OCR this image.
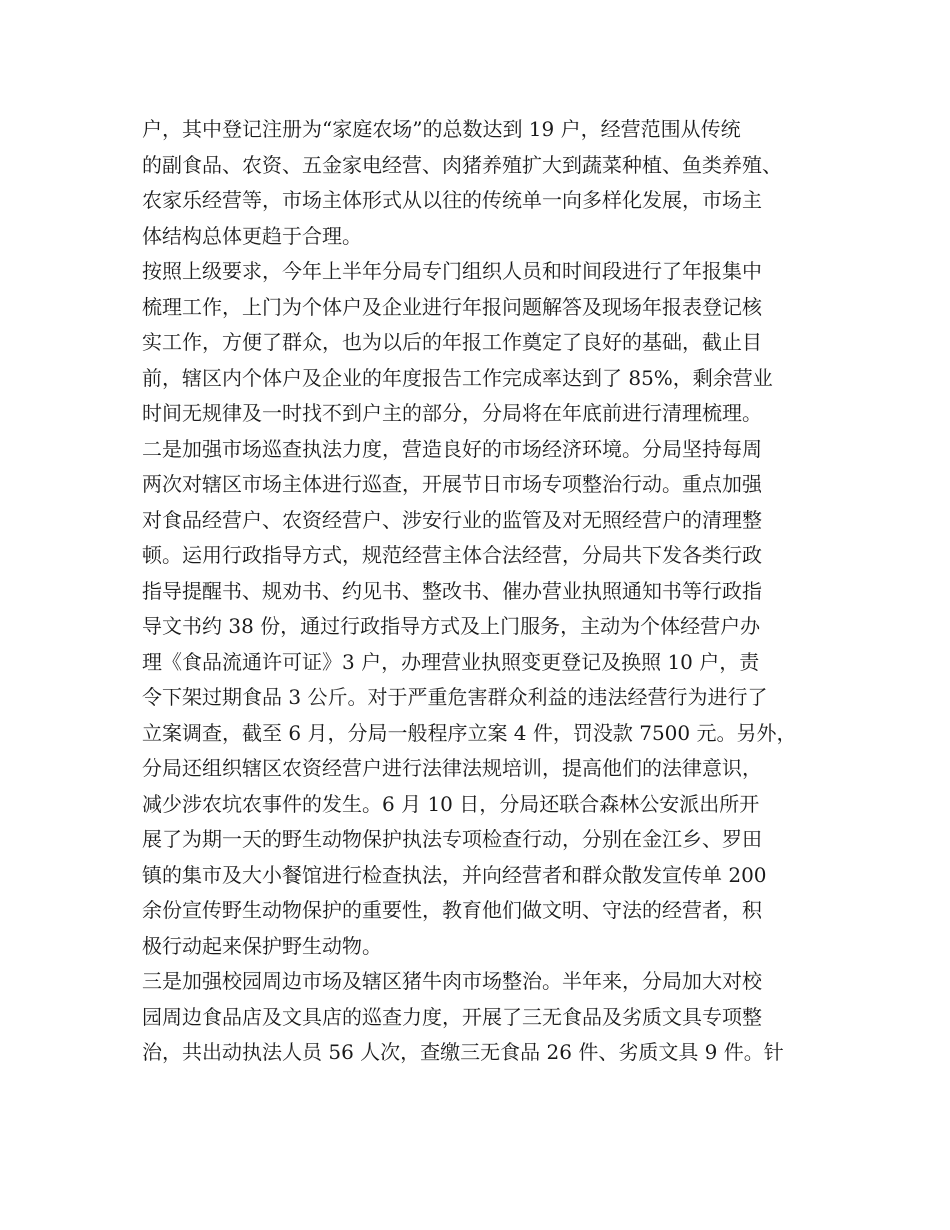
户，其中登记注册为“家庭农场”的总数达到 19 户，经营范围从传统
的副食品、农资、五金家电经营、肉猪养殖扩大到蔬菜种植、鱼类养殖、
农家乐经营等，市场主体形式从以往的传统单一向多样化发展，市场主
体结构总体更趋于合理。
按照上级要求，今年上半年分局专门组织人员和时间段进行了年报集中
梳理工作，上门为个体户及企业进行年报问题解答及现场年报表登记核
实工作，方便了群众，也为以后的年报工作奠定了良好的基础，截止目
前，辖区内个体户及企业的年度报告工作完成率达到了 85%，剩余营业
时间无规律及一时找不到户主的部分，分局将在年底前进行清理梳理。
二是加强市场巡查执法力度，营造良好的市场经济环境。分局坚持每周
两次对辖区市场主体进行巡查，开展节日市场专项整治行动。重点加强
对食品经营户、农资经营户、涉安行业的监管及对无照经营户的清理整
顿。运用行政指导方式，规范经营主体合法经营，分局共下发各类行政
指导提醒书、规劝书、约见书、整改书、催办营业执照通知书等行政指
导文书约 38 份，通过行政指导方式及上门服务，主动为个体经营户办
理《食品流通许可证》3 户，办理营业执照变更登记及换照 10 户，责
令下架过期食品 3 公斤。对于严重危害群众利益的违法经营行为进行了
立案调查，截至 6 月，分局一般程序立案 4 件，罚没款 7500 元。另外，
分局还组织辖区农资经营户进行法律法规培训，提高他们的法律意识，
减少涉农坑农事件的发生。6 月 10 日，分局还联合森林公安派出所开
展了为期一天的野生动物保护执法专项检查行动，分别在金江乡、罗田
镇的集市及大小餐馆进行检查执法，并向经营者和群众散发宣传单 200
余份宣传野生动物保护的重要性，教育他们做文明、守法的经营者，积
极行动起来保护野生动物。
三是加强校园周边市场及辖区猪牛肉市场整治。半年来，分局加大对校
园周边食品店及文具店的巡查力度，开展了三无食品及劣质文具专项整
治，共出动执法人员 56 人次，查缴三无食品 26 件、劣质文具 9 件。针
